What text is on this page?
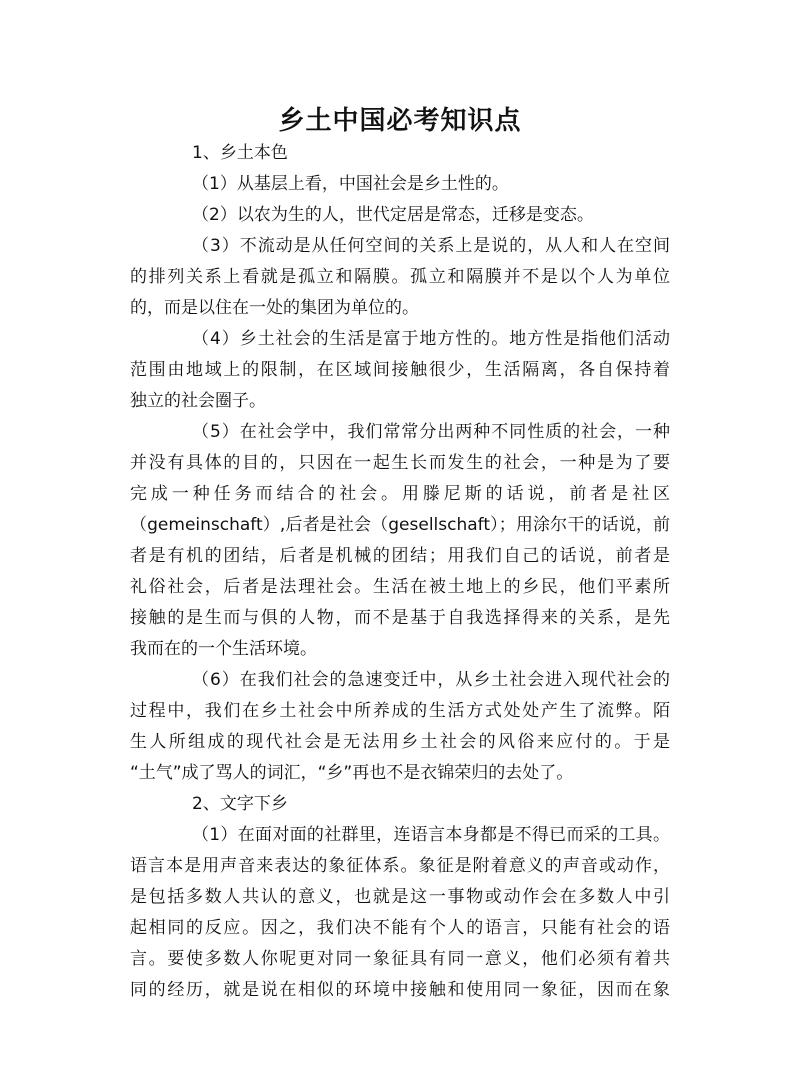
乡土中国必考知识点
1、乡土本色
（1）从基层上看，中国社会是乡土性的。
（2）以农为生的人，世代定居是常态，迁移是变态。
（3）不流动是从任何空间的关系上是说的，从人和人在空间
的排列关系上看就是孤立和隔膜。孤立和隔膜并不是以个人为单位
的，而是以住在一处的集团为单位的。
（4）乡土社会的生活是富于地方性的。地方性是指他们活动
范围由地域上的限制，在区域间接触很少，生活隔离，各自保持着
独立的社会圈子。
（5）在社会学中，我们常常分出两种不同性质的社会，一种
并没有具体的目的，只因在一起生长而发生的社会，一种是为了要
完成一种任务而结合的社会。用滕尼斯的话说，前者是社区
（gemeinschaft）,后者是社会（gesellschaft）；用涂尔干的话说，前
者是有机的团结，后者是机械的团结；用我们自己的话说，前者是
礼俗社会，后者是法理社会。生活在被土地上的乡民，他们平素所
接触的是生而与俱的人物，而不是基于自我选择得来的关系，是先
我而在的一个生活环境。
（6）在我们社会的急速变迁中，从乡土社会进入现代社会的
过程中，我们在乡土社会中所养成的生活方式处处产生了流弊。陌
生人所组成的现代社会是无法用乡土社会的风俗来应付的。于是
“土气”成了骂人的词汇，“乡”再也不是衣锦荣归的去处了。
2、文字下乡
（1）在面对面的社群里，连语言本身都是不得已而采的工具。
语言本是用声音来表达的象征体系。象征是附着意义的声音或动作，
是包括多数人共认的意义，也就是这一事物或动作会在多数人中引
起相同的反应。因之，我们决不能有个人的语言，只能有社会的语
言。要使多数人你呢更对同一象征具有同一意义，他们必须有着共
同的经历，就是说在相似的环境中接触和使用同一象征，因而在象
